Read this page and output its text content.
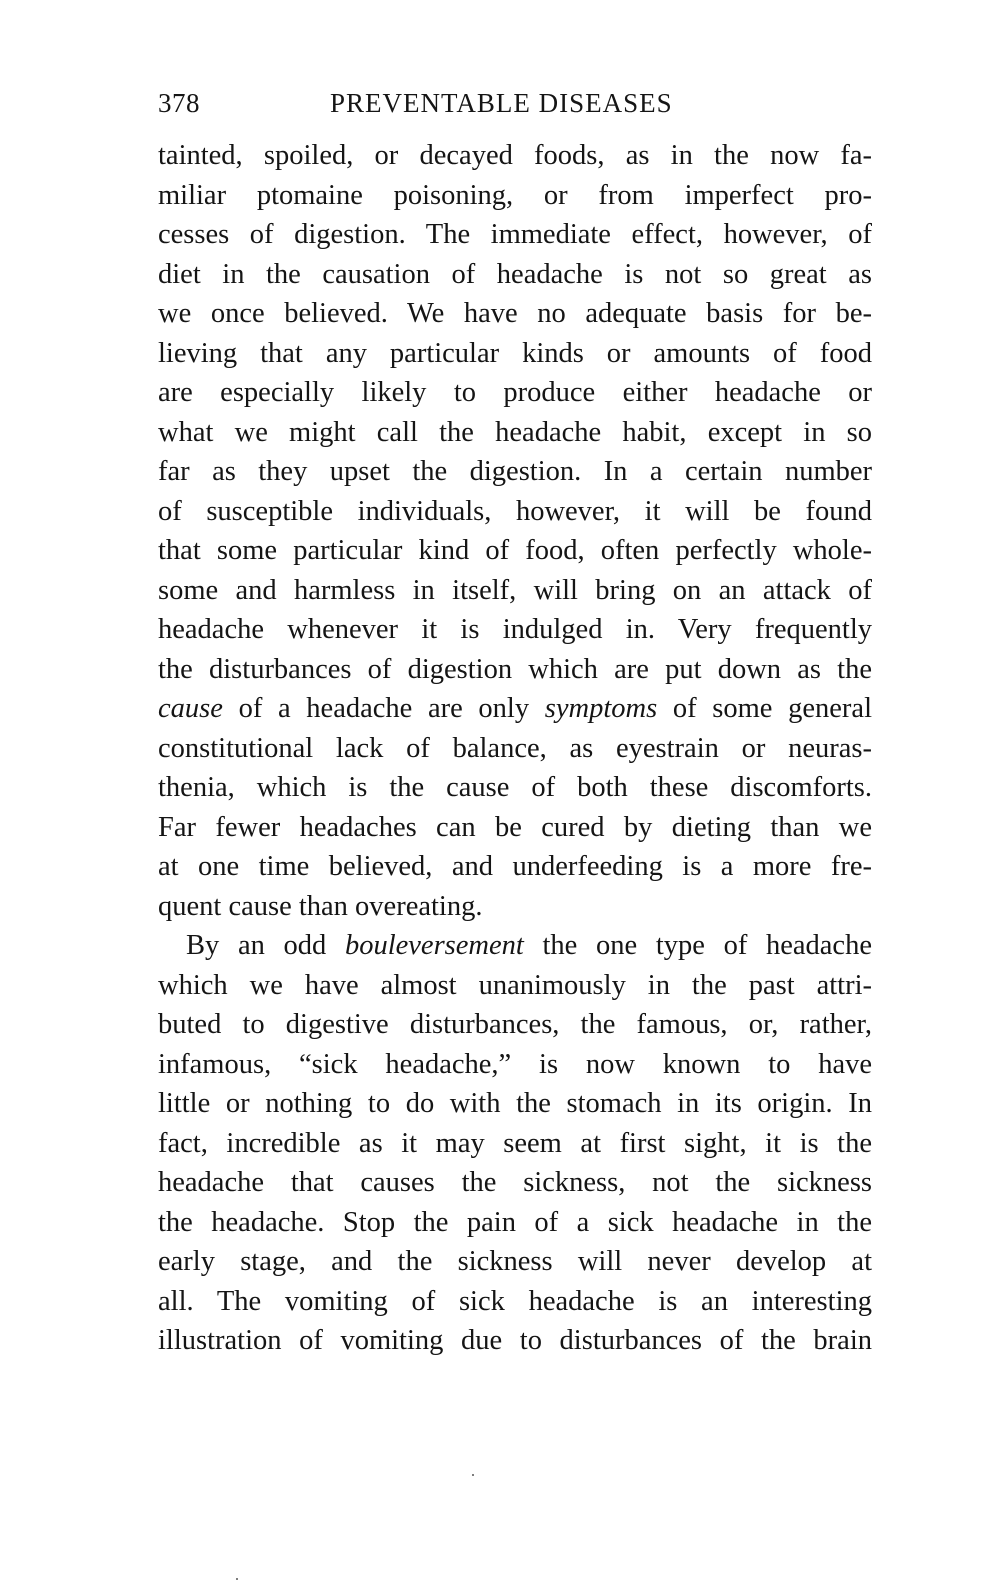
378	PREVENTABLE DISEASES
tainted, spoiled, or decayed foods, as in the now fa-
miliar ptomaine poisoning, or from imperfect pro-
cesses of digestion. The immediate effect, however, of
diet in the causation of headache is not so great as
we once believed. We have no adequate basis for be-
lieving that any particular kinds or amounts of food
are especially likely to produce either headache or
what we might call the headache habit, except in so
far as they upset the digestion. In a certain number
of susceptible individuals, however, it will be found
that some particular kind of food, often perfectly whole-
some and harmless in itself, will bring on an attack of
headache whenever it is indulged in. Very frequently
the disturbances of digestion which are put down as the
cause of a headache are only symptoms of some general
constitutional lack of balance, as eyestrain or neuras-
thenia, which is the cause of both these discomforts.
Far fewer headaches can be cured by dieting than we
at one time believed, and underfeeding is a more fre-
quent cause than overeating.
By an odd bouleversement the one type of headache
which we have almost unanimously in the past attri-
buted to digestive disturbances, the famous, or, rather,
infamous, “sick headache,” is now known to have
little or nothing to do with the stomach in its origin. In
fact, incredible as it may seem at first sight, it is the
headache that causes the sickness, not the sickness
the headache. Stop the pain of a sick headache in the
early stage, and the sickness will never develop at
all. The vomiting of sick headache is an interesting
illustration of vomiting due to disturbances of the brain
